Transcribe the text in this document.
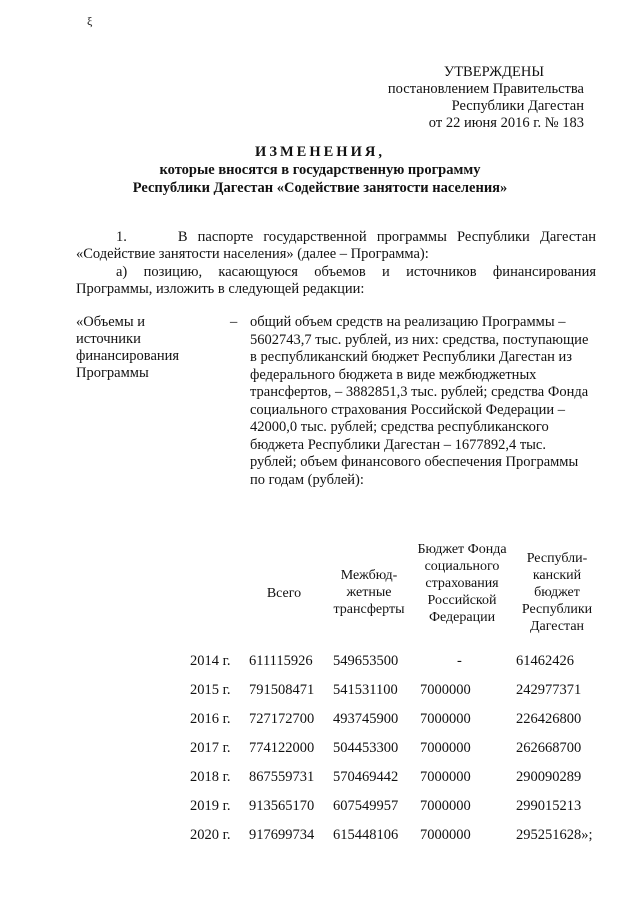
ξ
УТВЕРЖДЕНЫ
постановлением Правительства
Республики Дагестан
от 22 июня 2016 г. № 183
ИЗМЕНЕНИЯ,
которые вносятся в государственную программу
Республики Дагестан «Содействие занятости населения»
1.     В паспорте государственной программы Республики Дагестан «Содействие занятости населения» (далее – Программа):
а) позицию, касающуюся объемов и источников финансирования Программы, изложить в следующей редакции:
«Объемы и
источники
финансирования
Программы
– общий объем средств на реализацию Программы – 5602743,7 тыс. рублей, из них: средства, поступающие в республиканский бюджет Республики Дагестан из федерального бюджета в виде межбюджетных трансфертов, – 3882851,3 тыс. рублей; средства Фонда социального страхования Российской Федерации – 42000,0 тыс. рублей; средства республиканского бюджета Республики Дагестан – 1677892,4 тыс. рублей; объем финансового обеспечения Программы по годам (рублей):
Всего
Межбюд-жетные трансферты
Бюджет Фонда социального страхования Российской Федерации
Республи-канский бюджет Республики Дагестан
2014 г. 611115926 549653500	-	61462426
2015 г. 791508471 541531100 7000000	242977371
2016 г. 727172700 493745900 7000000	226426800
2017 г. 774122000 504453300 7000000	262668700
2018 г. 867559731 570469442 7000000	290090289
2019 г. 913565170 607549957 7000000	299015213
2020 г. 917699734 615448106 7000000	295251628»;
